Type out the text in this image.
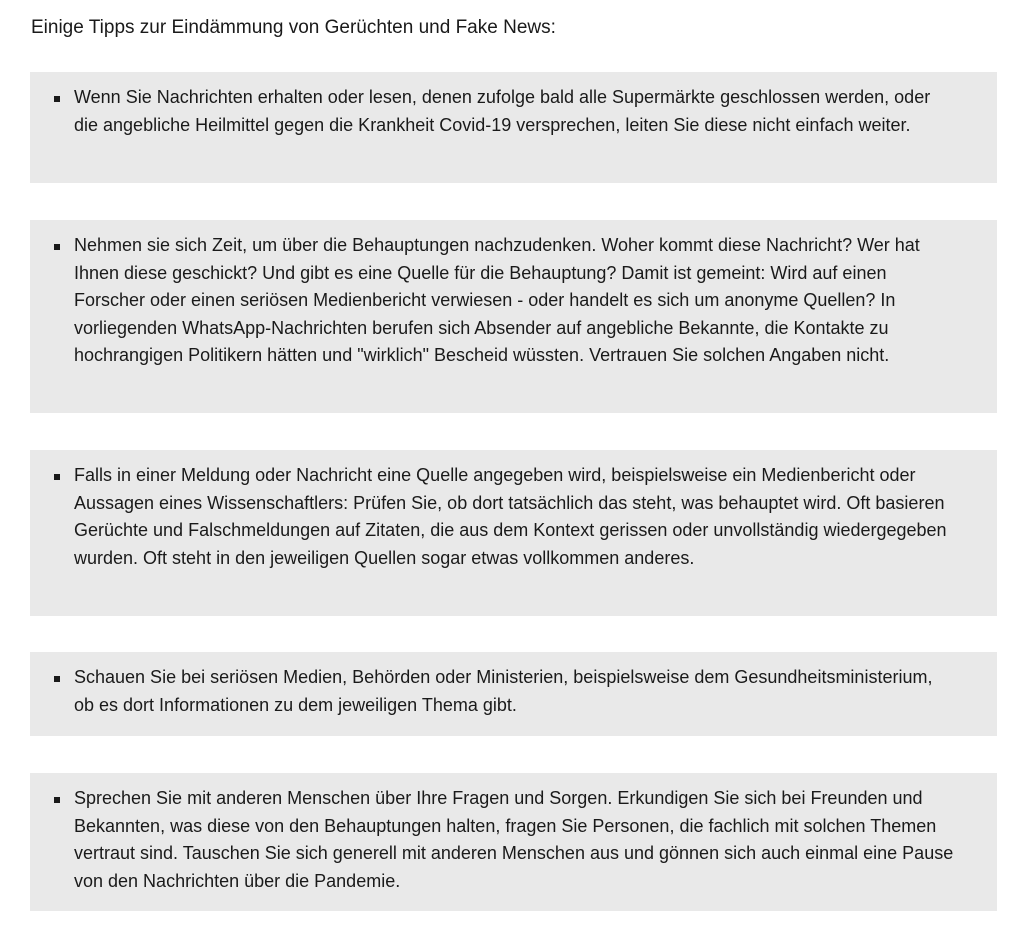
Einige Tipps zur Eindämmung von Gerüchten und Fake News:

Wenn Sie Nachrichten erhalten oder lesen, denen zufolge bald alle Supermärkte geschlossen werden, oder die angebliche Heilmittel gegen die Krankheit Covid-19 versprechen, leiten Sie diese nicht einfach weiter.

Nehmen sie sich Zeit, um über die Behauptungen nachzudenken. Woher kommt diese Nachricht? Wer hat Ihnen diese geschickt? Und gibt es eine Quelle für die Behauptung? Damit ist gemeint: Wird auf einen Forscher oder einen seriösen Medienbericht verwiesen - oder handelt es sich um anonyme Quellen? In vorliegenden WhatsApp-Nachrichten berufen sich Absender auf angebliche Bekannte, die Kontakte zu hochrangigen Politikern hätten und "wirklich" Bescheid wüssten. Vertrauen Sie solchen Angaben nicht.

Falls in einer Meldung oder Nachricht eine Quelle angegeben wird, beispielsweise ein Medienbericht oder Aussagen eines Wissenschaftlers: Prüfen Sie, ob dort tatsächlich das steht, was behauptet wird. Oft basieren Gerüchte und Falschmeldungen auf Zitaten, die aus dem Kontext gerissen oder unvollständig wiedergegeben wurden. Oft steht in den jeweiligen Quellen sogar etwas vollkommen anderes.

Schauen Sie bei seriösen Medien, Behörden oder Ministerien, beispielsweise dem Gesundheitsministerium, ob es dort Informationen zu dem jeweiligen Thema gibt.

Sprechen Sie mit anderen Menschen über Ihre Fragen und Sorgen. Erkundigen Sie sich bei Freunden und Bekannten, was diese von den Behauptungen halten, fragen Sie Personen, die fachlich mit solchen Themen vertraut sind. Tauschen Sie sich generell mit anderen Menschen aus und gönnen sich auch einmal eine Pause von den Nachrichten über die Pandemie.
